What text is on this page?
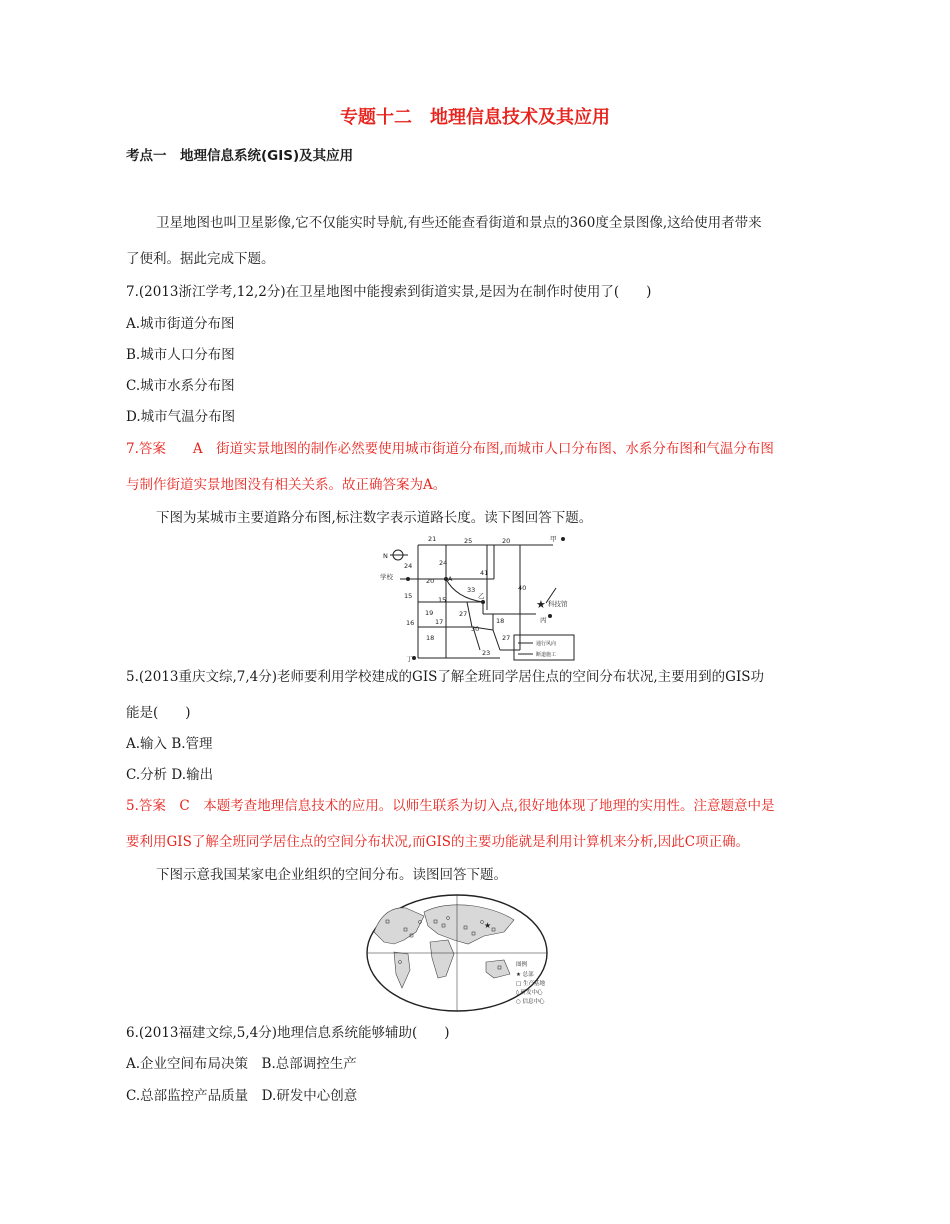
专题十二　地理信息技术及其应用
考点一　地理信息系统(GIS)及其应用
卫星地图也叫卫星影像,它不仅能实时导航,有些还能查看街道和景点的360度全景图像,这给使用者带来
了便利。据此完成下题。
7.(2013浙江学考,12,2分)在卫星地图中能搜索到街道实景,是因为在制作时使用了(　　)
A.城市街道分布图
B.城市人口分布图
C.城市水系分布图
D.城市气温分布图
7.答案　　A　街道实景地图的制作必然要使用城市街道分布图,而城市人口分布图、水系分布图和气温分布图
与制作街道实景地图没有相关关系。故正确答案为A。
下图为某城市主要道路分布图,标注数字表示道路长度。读下图回答下题。
★
N
学校	A
乙
甲
丙
丁
科技馆
通行风向
断道施工
21	25	20
24	24
41
20
33	40
15	15
19	27
16	17
18
30
18
27
23
5.(2013重庆文综,7,4分)老师要利用学校建成的GIS了解全班同学居住点的空间分布状况,主要用到的GIS功
能是(　　)
A.输入 B.管理
C.分析 D.输出
5.答案　C　本题考查地理信息技术的应用。以师生联系为切入点,很好地体现了地理的实用性。注意题意中是
要利用GIS了解全班同学居住点的空间分布状况,而GIS的主要功能就是利用计算机来分析,因此C项正确。
下图示意我国某家电企业组织的空间分布。读图回答下题。
★
图例
★ 总部
□ 生产基地
◊ 研发中心
○ 信息中心
6.(2013福建文综,5,4分)地理信息系统能够辅助(　　)
A.企业空间布局决策　B.总部调控生产
C.总部监控产品质量　D.研发中心创意
